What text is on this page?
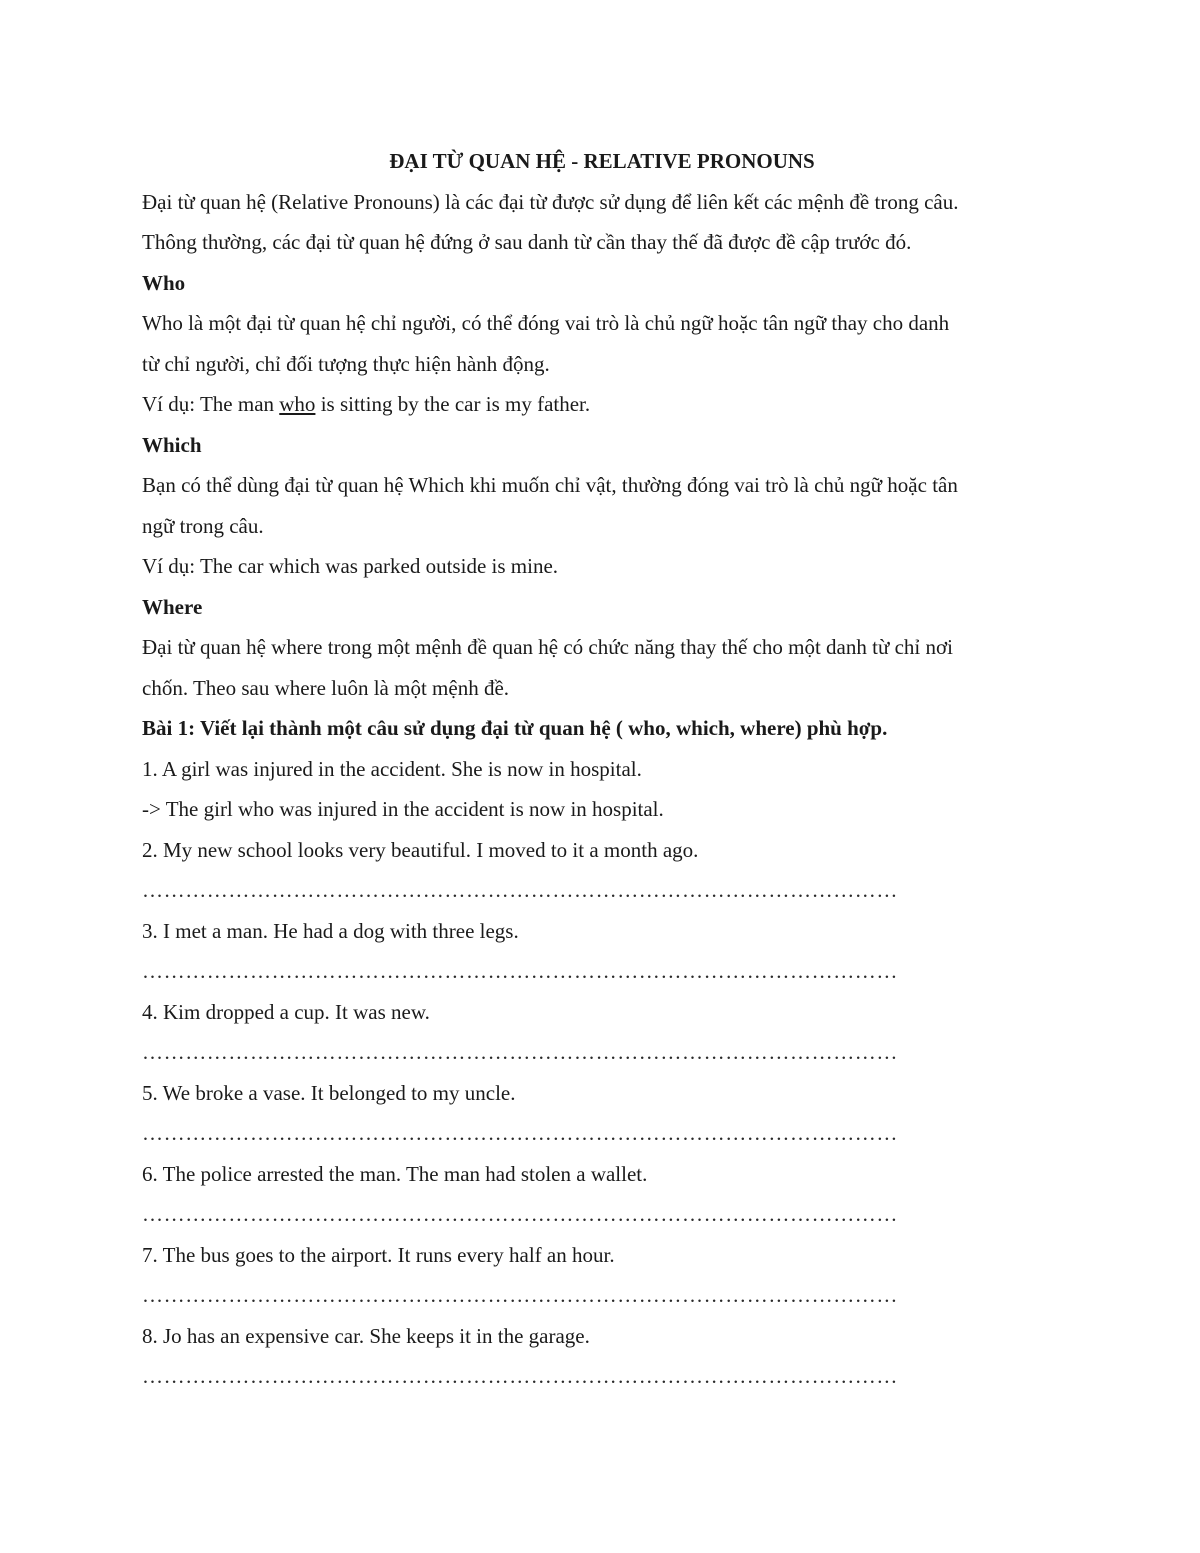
ĐẠI TỪ QUAN HỆ - RELATIVE PRONOUNS
Đại từ quan hệ (Relative Pronouns) là các đại từ được sử dụng để liên kết các mệnh đề trong câu.
Thông thường, các đại từ quan hệ đứng ở sau danh từ cần thay thế đã được đề cập trước đó.
Who
Who là một đại từ quan hệ chỉ người, có thể đóng vai trò là chủ ngữ hoặc tân ngữ thay cho danh
từ chỉ người, chỉ đối tượng thực hiện hành động.
Ví dụ: The man who is sitting by the car is my father.
Which
Bạn có thể dùng đại từ quan hệ Which khi muốn chỉ vật, thường đóng vai trò là chủ ngữ hoặc tân
ngữ trong câu.
Ví dụ: The car which was parked outside is mine.
Where
Đại từ quan hệ where trong một mệnh đề quan hệ có chức năng thay thế cho một danh từ chỉ nơi
chốn. Theo sau where luôn là một mệnh đề.
Bài 1: Viết lại thành một câu sử dụng đại từ quan hệ ( who, which, where) phù hợp.
1. A girl was injured in the accident. She is now in hospital.
-> The girl who was injured in the accident is now in hospital.
2. My new school looks very beautiful. I moved to it a month ago.
……………………………………………………………………………………………
3. I met a man. He had a dog with three legs.
……………………………………………………………………………………………
4. Kim dropped a cup. It was new.
……………………………………………………………………………………………
5. We broke a vase. It belonged to my uncle.
……………………………………………………………………………………………
6. The police arrested the man. The man had stolen a wallet.
……………………………………………………………………………………………
7. The bus goes to the airport. It runs every half an hour.
……………………………………………………………………………………………
8. Jo has an expensive car. She keeps it in the garage.
……………………………………………………………………………………………
